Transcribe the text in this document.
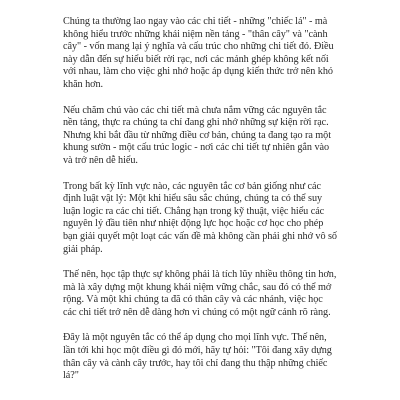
Chúng ta thường lao ngay vào các chi tiết - những "chiếc lá" - mà không hiểu trước những khái niệm nền tảng - "thân cây" và "cành cây" - vốn mang lại ý nghĩa và cấu trúc cho những chi tiết đó. Điều này dẫn đến sự hiểu biết rời rạc, nơi các mảnh ghép không kết nối với nhau, làm cho việc ghi nhớ hoặc áp dụng kiến thức trở nên khó khăn hơn.

Nếu chăm chú vào các chi tiết mà chưa nắm vững các nguyên tắc nền tảng, thực ra chúng ta chỉ đang ghi nhớ những sự kiện rời rạc. Nhưng khi bắt đầu từ những điều cơ bản, chúng ta đang tạo ra một khung sườn - một cấu trúc logic - nơi các chi tiết tự nhiên gắn vào và trở nên dễ hiểu.

Trong bất kỳ lĩnh vực nào, các nguyên tắc cơ bản giống như các định luật vật lý: Một khi hiểu sâu sắc chúng, chúng ta có thể suy luận logic ra các chi tiết. Chẳng hạn trong kỹ thuật, việc hiểu các nguyên lý đầu tiên như nhiệt động lực học hoặc cơ học cho phép bạn giải quyết một loạt các vấn đề mà không cần phải ghi nhớ vô số giải pháp.

Thế nên, học tập thực sự không phải là tích lũy nhiều thông tin hơn, mà là xây dựng một khung khái niệm vững chắc, sau đó có thể mở rộng. Và một khi chúng ta đã có thân cây và các nhánh, việc học các chi tiết trở nên dễ dàng hơn vì chúng có một ngữ cảnh rõ ràng.

Đây là một nguyên tắc có thể áp dụng cho mọi lĩnh vực. Thế nên, lần tới khi học một điều gì đó mới, hãy tự hỏi: "Tôi đang xây dựng thân cây và cành cây trước, hay tôi chỉ đang thu thập những chiếc lá?"
